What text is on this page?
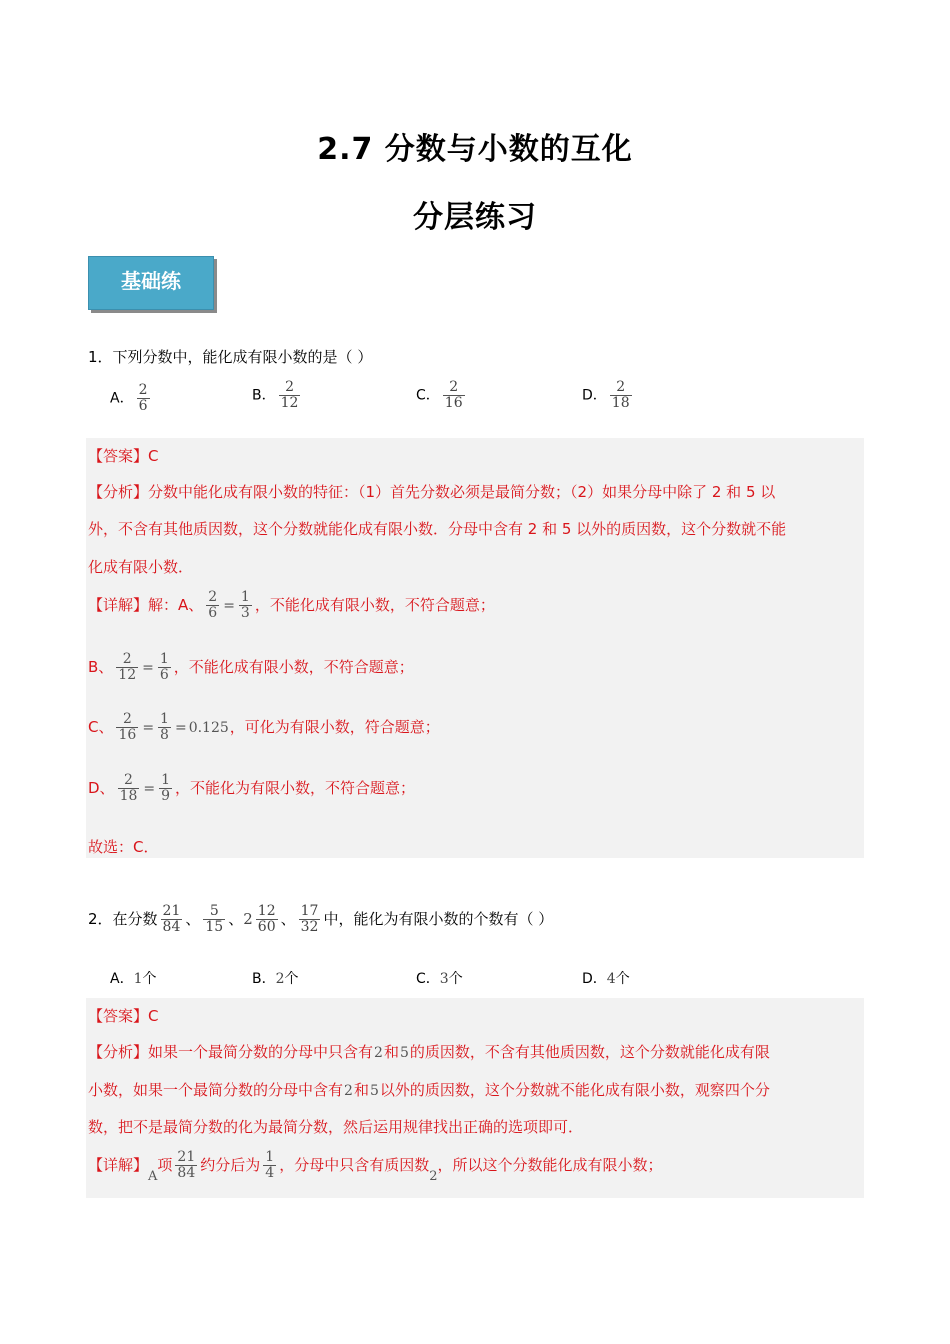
2.7 分数与小数的互化
分层练习
基础练
1．下列分数中，能化成有限小数的是（ ）
A． $\frac{2}{6}$	B． $\frac{2}{12}$	C． $\frac{2}{16}$	D． $\frac{2}{18}$
【答案】C
【分析】分数中能化成有限小数的特征：（1）首先分数必须是最简分数；（2）如果分母中除了 2 和 5 以
外，不含有其他质因数，这个分数就能化成有限小数．分母中含有 2 和 5 以外的质因数，这个分数就不能
化成有限小数．
【详解】解：A、 $\frac{2}{6} = \frac{1}{3}$ ，不能化成有限小数，不符合题意；
B、 $\frac{2}{12} = \frac{1}{6}$ ，不能化成有限小数，不符合题意；
C、 $\frac{2}{16} = \frac{1}{8} = 0.125$，可化为有限小数，符合题意；
D、 $\frac{2}{18} = \frac{1}{9}$ ，不能化为有限小数，不符合题意；
故选：C．
2．在分数 $\frac{21}{84}$ 、 $\frac{5}{15}$ 、$2 \frac{12}{60}$ 、 $\frac{17}{32}$ 中，能化为有限小数的个数有（ ）
A．1个	B．2个	C．3个	D．4个
【答案】C
【分析】如果一个最简分数的分母中只含有2和5的质因数，不含有其他质因数，这个分数就能化成有限
小数，如果一个最简分数的分母中含有2和5以外的质因数，这个分数就不能化成有限小数，观察四个分
数，把不是最简分数的化为最简分数，然后运用规律找出正确的选项即可．
【详解】A项 $\frac{21}{84}$ 约分后为 $\frac{1}{4}$ ，分母中只含有质因数2，所以这个分数能化成有限小数；
